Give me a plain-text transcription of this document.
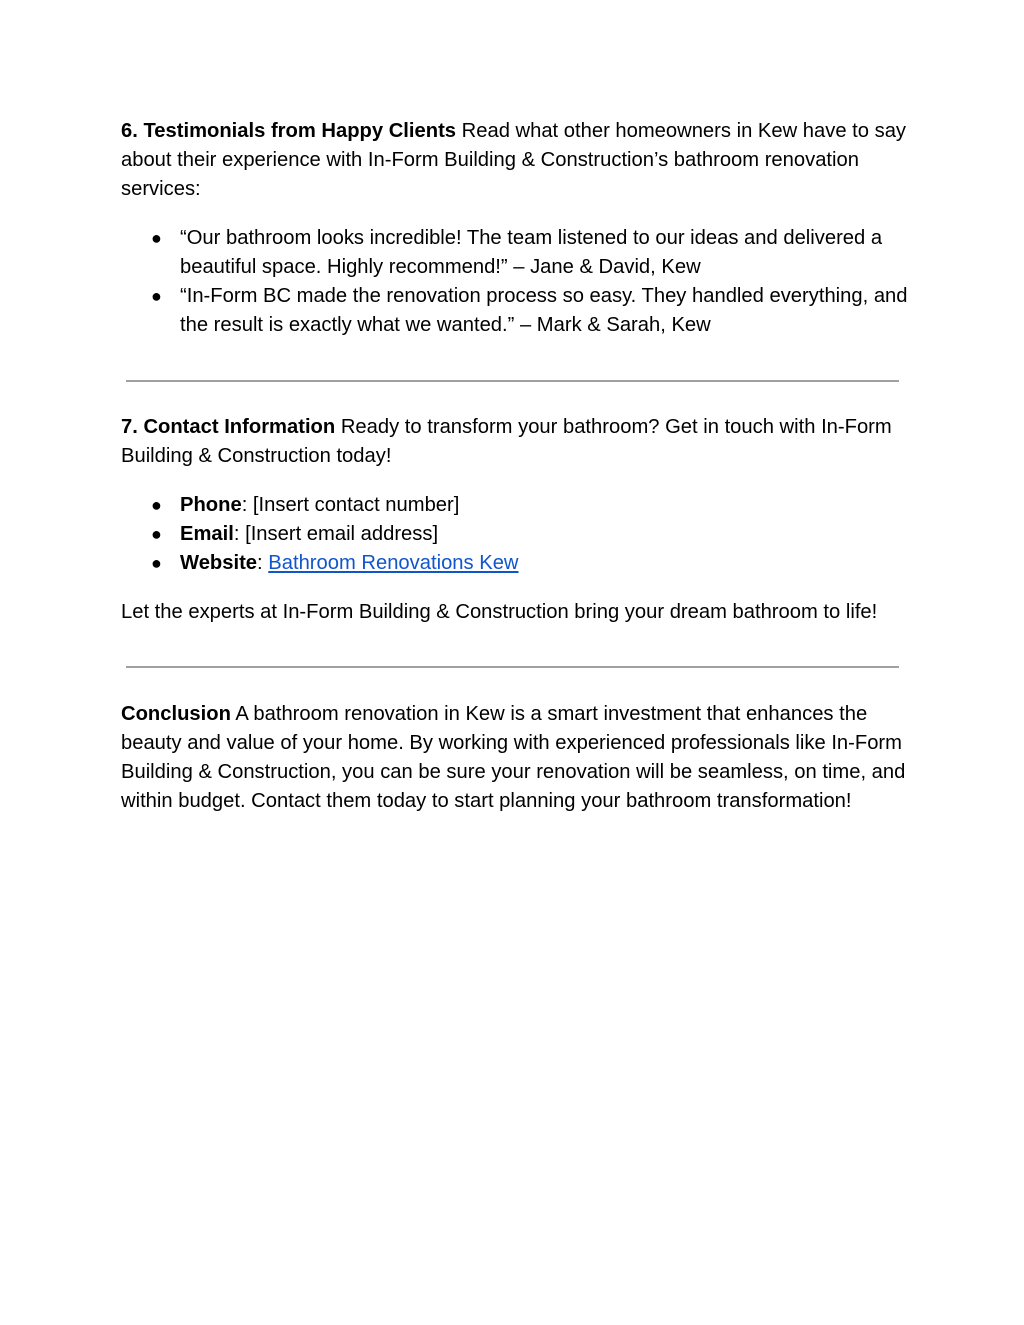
6. Testimonials from Happy Clients Read what other homeowners in Kew have to say about their experience with In-Form Building & Construction’s bathroom renovation services:

● “Our bathroom looks incredible! The team listened to our ideas and delivered a beautiful space. Highly recommend!” – Jane & David, Kew
● “In-Form BC made the renovation process so easy. They handled everything, and the result is exactly what we wanted.” – Mark & Sarah, Kew

7. Contact Information Ready to transform your bathroom? Get in touch with In-Form Building & Construction today!

● Phone: [Insert contact number]
● Email: [Insert email address]
● Website: Bathroom Renovations Kew

Let the experts at In-Form Building & Construction bring your dream bathroom to life!

Conclusion A bathroom renovation in Kew is a smart investment that enhances the beauty and value of your home. By working with experienced professionals like In-Form Building & Construction, you can be sure your renovation will be seamless, on time, and within budget. Contact them today to start planning your bathroom transformation!
